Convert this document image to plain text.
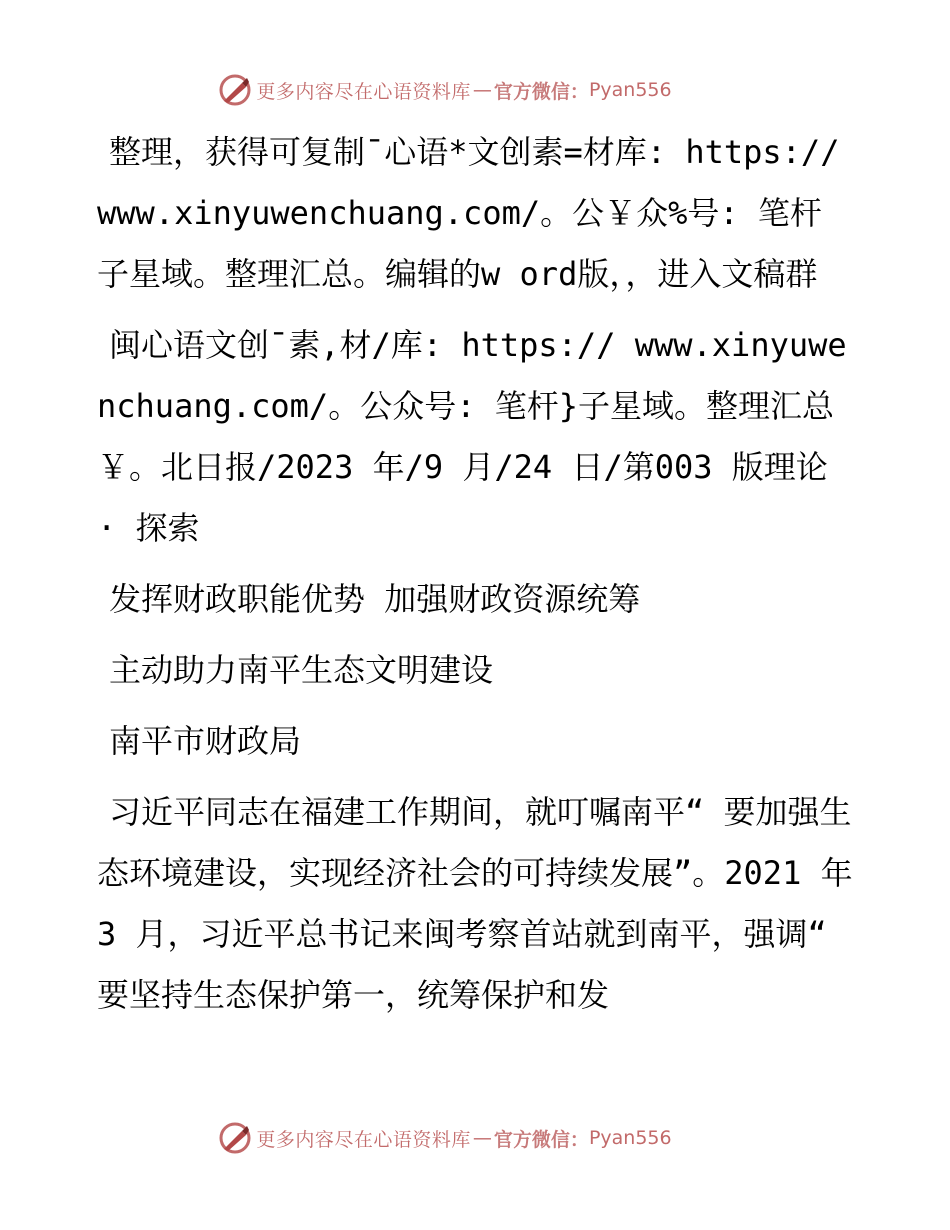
更多内容尽在心语资料库 — 官方微信： Pyan556

整理，获得可复制¯心语*文创素=材库: https://www.xinyuwenchuang.com/。公￥众%号: 笔杆子星域。整理汇总。编辑的w ord版，，进入文稿群

闽心语文创¯素,材/库: https:// www.xinyuwenchuang.com/。公众号: 笔杆}子星域。整理汇总￥。北日报/2023 年/9 月/24 日/第003 版理论 · 探索

发挥财政职能优势 加强财政资源统筹

主动助力南平生态文明建设

南平市财政局

习近平同志在福建工作期间，就叮嘱南平“ 要加强生态环境建设，实现经济社会的可持续发展”。2021 年 3 月，习近平总书记来闽考察首站就到南平，强调“ 要坚持生态保护第一，统筹保护和发

更多内容尽在心语资料库 — 官方微信： Pyan556
